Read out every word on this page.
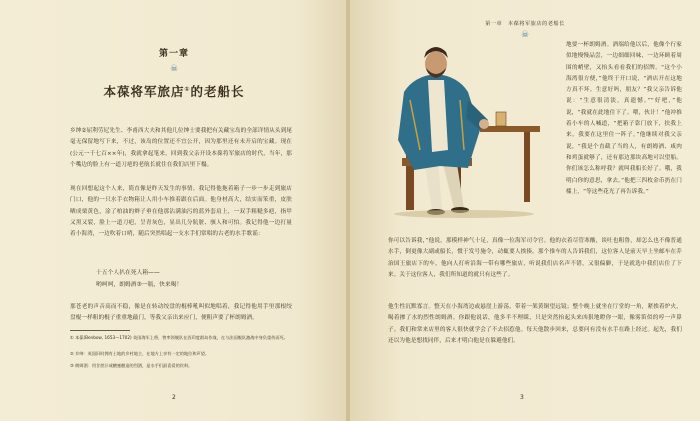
第一章
☠
本葆将军旅店①的老船长

乡绅②屈利劳尼先生、李甫西大夫和其他几位绅士要我把有关藏宝岛的全部详情从头到尾毫无保留地写下来，不过，该岛的位置还不宜公开，因为那里还有未开启的宝藏。现在(公元一千七百××年)，我就拿起笔来，回到我父亲开设本葆将军旅店的时代，当年，那个嘴边的脸上有一道刀疤的老航长就住在我们店里下榻。

现在回想起这个人来，简直像是昨天发生的事情。我记得他拖着箱子一步一步走到旅店门口，他的一只水手衣物箱让人用小车推着跟在后面。他身材高大，结实而笨重，皮肤晒成栗黄色，涂了柏油的辫子垂在他那沾满油污的蓝外套肩上，一双手粗糙多疤，指甲又黑又裂，脸上一道刀疤，呈青灰色，显出几分肮脏、骇人和可怕。我记得他一边打量着小海湾，一边吹着口哨，随后突然唱起一支水手们常唱的古老的水手歌谣：

十五个人扒在死人箱——
哟呵呵，朗姆酒③一瓶，快来喝！

那苍老的声音高而不稳，像是在转动绞盘的棍棒吼叫似地唱着，我记得他用手里那根绞盘棍一样粗的棍子重重地敲门，等我父亲出来应门，便粗声要了杯朗姆酒。

① 本葆(Benbow, 1653—1702) 英国海军上将，曾率领舰队在西印度群岛作战，在与法国舰队激战中身负重伤而死。
② 乡绅：英国旧时拥有土地的乡村地主，在地方上享有一定的地位和声望。
③ 朗姆酒：用甘蔗汁或糖蜜酿造的烈酒，是水手们最喜爱的饮料。
2
第一章　本葆将军旅店的老船长
☠

地要一杯朗姆酒。酒端给他以后，他像个行家似地慢慢品尝，一边细细回味，一边环顾着周围的峭壁，又抬头看看我们的招牌。“这个小海湾很方便，”他终于开口说，“酒店开在这地方真不坏。生意好吗，朋友？”我父亲告诉他说：“生意很清淡，真遗憾。”“好吧，”他说，“我就在此地住下了。喂，伙计！”他冲推着小车的人喊道，“把箱子靠门放下，扶我上来。我要在这里住一阵子。”他继续对我父亲说，“我是个直截了当的人，有朗姆酒、咸肉和鸡蛋就够了，还有那边那块高地可以望船。你们该怎么称呼我？就叫我船长好了。哦，我明白你的意思，拿去。”他把三四枚金币扔在门槛上，“等这些花光了再告诉我。”

你可以告诉我，”他说，那模样神气十足，真像一位海军司令官。他的衣着尽管寒酸，谈吐也粗鲁，却怎么也不像普通水手，倒更像大副或船长，惯于发号施令，动辄要人挨揍。那个推车的人告诉我们，这位客人是前天早上坐邮车在乔治国王旅店下的车，他向人打听沿海一带有哪些旅店，听说我们店名声不错，又很偏僻，于是就选中我们店住了下来。关于这位客人，我们所知道的就只有这些了。

他生性沉默寡言。整天在小海湾边或悬崖上游荡，带着一架黄铜望远镜；整个晚上就坐在厅堂的一角，紧挨着炉火，喝着掺了水的烈性朗姆酒。你跟他说话，他多半不理睬，只是突然抬起头来凶狠地瞪你一眼，像雾笛似的哼一声鼻子。我们和常来店里的客人很快就学会了不去招惹他。每天他散步回来，总要问有没有水手在路上经过。起先，我们还以为他是想找同伴，后来才明白他是在躲避他们。

3
